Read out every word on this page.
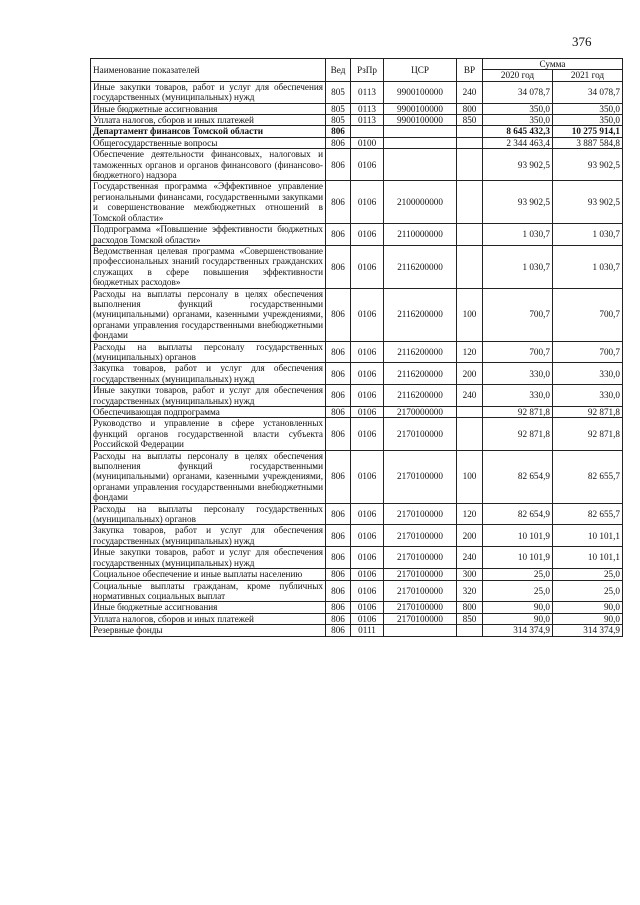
376
Наименование показателей	Вед	РзПр	ЦСР	ВР	Сумма	
					2020 год	2021 год
Иные закупки товаров, работ и услуг для обеспечения государственных (муниципальных) нужд	805	0113	9900100000	240	34 078,7	34 078,7
Иные бюджетные ассигнования	805	0113	9900100000	800	350,0	350,0
Уплата налогов, сборов и иных платежей	805	0113	9900100000	850	350,0	350,0
Департамент финансов Томской области	806				8 645 432,3	10 275 914,1
Общегосударственные вопросы	806	0100			2 344 463,4	3 887 584,8
Обеспечение деятельности финансовых, налоговых и таможенных органов и органов финансового (финансово-бюджетного) надзора	806	0106			93 902,5	93 902,5
Государственная программа «Эффективное управление региональными финансами, государственными закупками и совершенствование межбюджетных отношений в Томской области»	806	0106	2100000000		93 902,5	93 902,5
Подпрограмма «Повышение эффективности бюджетных расходов Томской области»	806	0106	2110000000		1 030,7	1 030,7
Ведомственная целевая программа «Совершенствование профессиональных знаний государственных гражданских служащих в сфере повышения эффективности бюджетных расходов»	806	0106	2116200000		1 030,7	1 030,7
Расходы на выплаты персоналу в целях обеспечения выполнения функций государственными (муниципальными) органами, казенными учреждениями, органами управления государственными внебюджетными фондами	806	0106	2116200000	100	700,7	700,7
Расходы на выплаты персоналу государственных (муниципальных) органов	806	0106	2116200000	120	700,7	700,7
Закупка товаров, работ и услуг для обеспечения государственных (муниципальных) нужд	806	0106	2116200000	200	330,0	330,0
Иные закупки товаров, работ и услуг для обеспечения государственных (муниципальных) нужд	806	0106	2116200000	240	330,0	330,0
Обеспечивающая подпрограмма	806	0106	2170000000		92 871,8	92 871,8
Руководство и управление в сфере установленных функций органов государственной власти субъекта Российской Федерации	806	0106	2170100000		92 871,8	92 871,8
Расходы на выплаты персоналу в целях обеспечения выполнения функций государственными (муниципальными) органами, казенными учреждениями, органами управления государственными внебюджетными фондами	806	0106	2170100000	100	82 654,9	82 655,7
Расходы на выплаты персоналу государственных (муниципальных) органов	806	0106	2170100000	120	82 654,9	82 655,7
Закупка товаров, работ и услуг для обеспечения государственных (муниципальных) нужд	806	0106	2170100000	200	10 101,9	10 101,1
Иные закупки товаров, работ и услуг для обеспечения государственных (муниципальных) нужд	806	0106	2170100000	240	10 101,9	10 101,1
Социальное обеспечение и иные выплаты населению	806	0106	2170100000	300	25,0	25,0
Социальные выплаты гражданам, кроме публичных нормативных социальных выплат	806	0106	2170100000	320	25,0	25,0
Иные бюджетные ассигнования	806	0106	2170100000	800	90,0	90,0
Уплата налогов, сборов и иных платежей	806	0106	2170100000	850	90,0	90,0
Резервные фонды	806	0111			314 374,9	314 374,9
